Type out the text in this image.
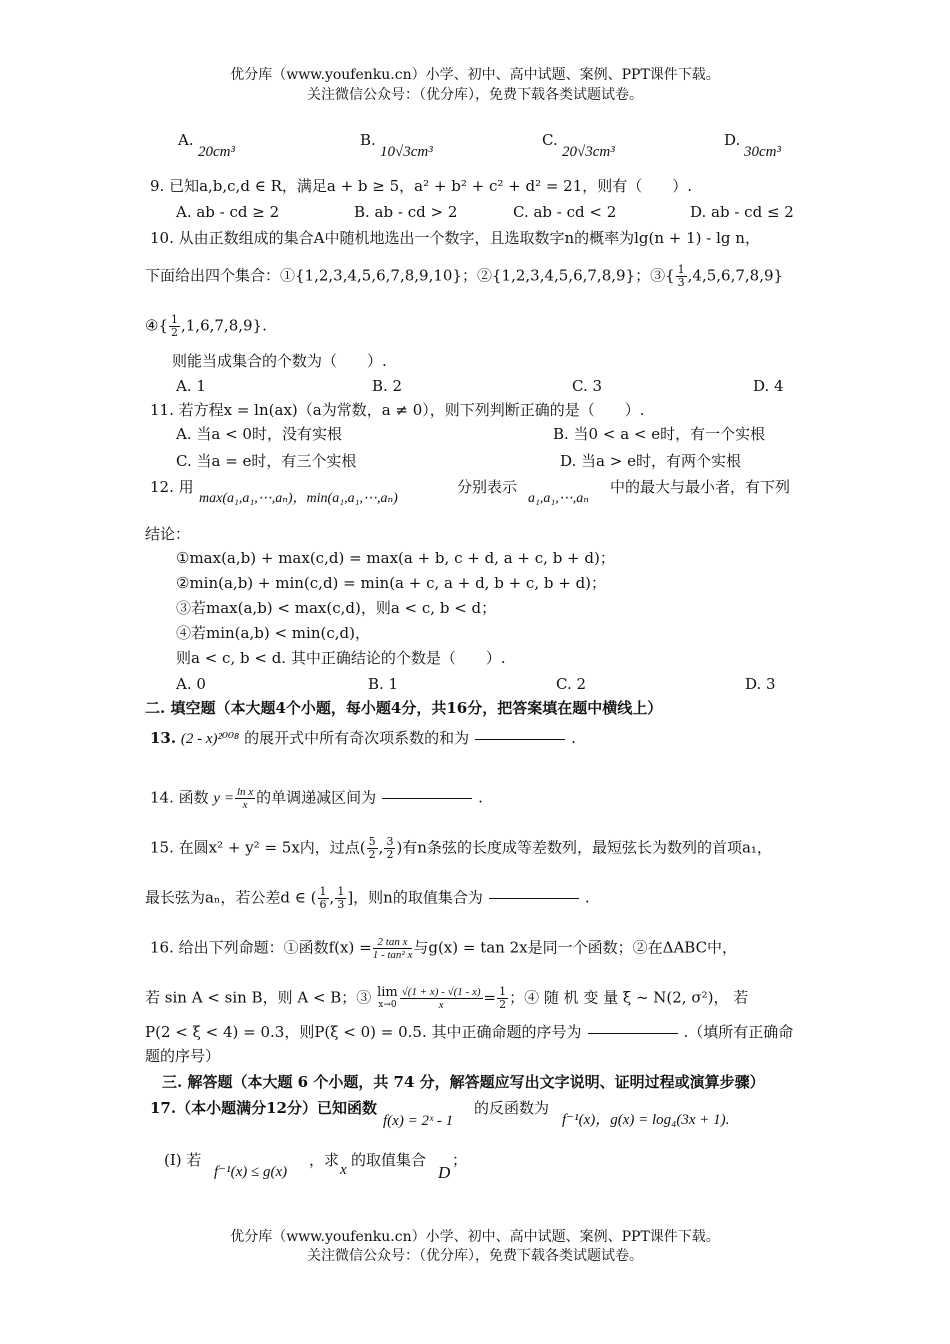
优分库（www.youfenku.cn）小学、初中、高中试题、案例、PPT课件下载。
关注微信公众号：（优分库），免费下载各类试题试卷。
A.
20cm³
B.
10√3cm³
C.
20√3cm³
D.
30cm³
9. 已知a,b,c,d ∈ R，满足a + b ≥ 5，a² + b² + c² + d² = 21，则有（　　）.
A. ab - cd ≥ 2	B. ab - cd > 2	C. ab - cd < 2	D. ab - cd ≤ 2
10. 从由正数组成的集合A中随机地选出一个数字，且选取数字n的概率为lg(n + 1) - lg n，
下面给出四个集合：①{1,2,3,4,5,6,7,8,9,10}；②{1,2,3,4,5,6,7,8,9}；③{ $\frac{1}{3} ,4,5,6,7,8,9$}
④{ $\frac{1}{2} ,1,6,7,8,9$}.
则能当成集合的个数为（　　）.
A. 1	B. 2	C. 3	D. 4
11. 若方程x = ln(ax)（a为常数，a ≠ 0），则下列判断正确的是（　　）.
A. 当a < 0时，没有实根	B. 当0 < a < e时，有一个实根
C. 当a = e时，有三个实根	D. 当a > e时，有两个实根
12. 用
max(a₁,a₁,⋯,aₙ)，min(a₁,a₁,⋯,aₙ)
分别表示
a₁,a₁,⋯,aₙ
中的最大与最小者，有下列
结论：
①max(a,b) + max(c,d) = max(a + b, c + d, a + c, b + d)；
②min(a,b) + min(c,d) = min(a + c, a + d, b + c, b + d)；
③若max(a,b) < max(c,d)，则a < c, b < d；
④若min(a,b) < min(c,d)，
则a < c, b < d. 其中正确结论的个数是（　　）.
A. 0	B. 1	C. 2	D. 3
二. 填空题（本大题4个小题，每小题4分，共16分，把答案填在题中横线上）
13. (2 - x)²⁰⁰⁸ 的展开式中所有奇次项系数的和为	.
14. 函数 $y = \frac{\text{ln x}}{x}$ 的单调递减区间为	.
15. 在圆x² + y² = 5x内，过点( $\frac{5}{2}$ , $\frac{3}{2}$ )有n条弦的长度成等差数列，最短弦长为数列的首项a₁，
最长弦为aₙ，若公差d ∈ ( $\frac{1}{6}$ , $\frac{1}{3}$ ]，则n的取值集合为	.
16. 给出下列命题：①函数$f(x) = \frac{\text{2 tan x}}{\text{1 - tan² x}}$ 与g(x) = tan 2x是同一个函数；②在ΔABC中，
若 sin A < sin B，则 A < B；③ lim
$x\to 0 \frac{√(1 + x) - √(1 - x)}{x} = \frac{1}{2}$ ；④ 随 机 变 量 ξ ~ N(2, σ²)， 若
P(2 < ξ < 4) = 0.3，则P(ξ < 0) = 0.5. 其中正确命题的序号为	.（填所有正确命
题的序号）
三. 解答题（本大题 6 个小题，共 74 分，解答题应写出文字说明、证明过程或演算步骤）
17.（本小题满分12分）已知函数
f(x) = 2ˣ - 1
的反函数为
f⁻¹(x)，g(x) = log₄(3x + 1).
(I) 若
f⁻¹(x) ≤ g(x)
，求
x
的取值集合
D
；
优分库（www.youfenku.cn）小学、初中、高中试题、案例、PPT课件下载。
关注微信公众号：（优分库），免费下载各类试题试卷。
